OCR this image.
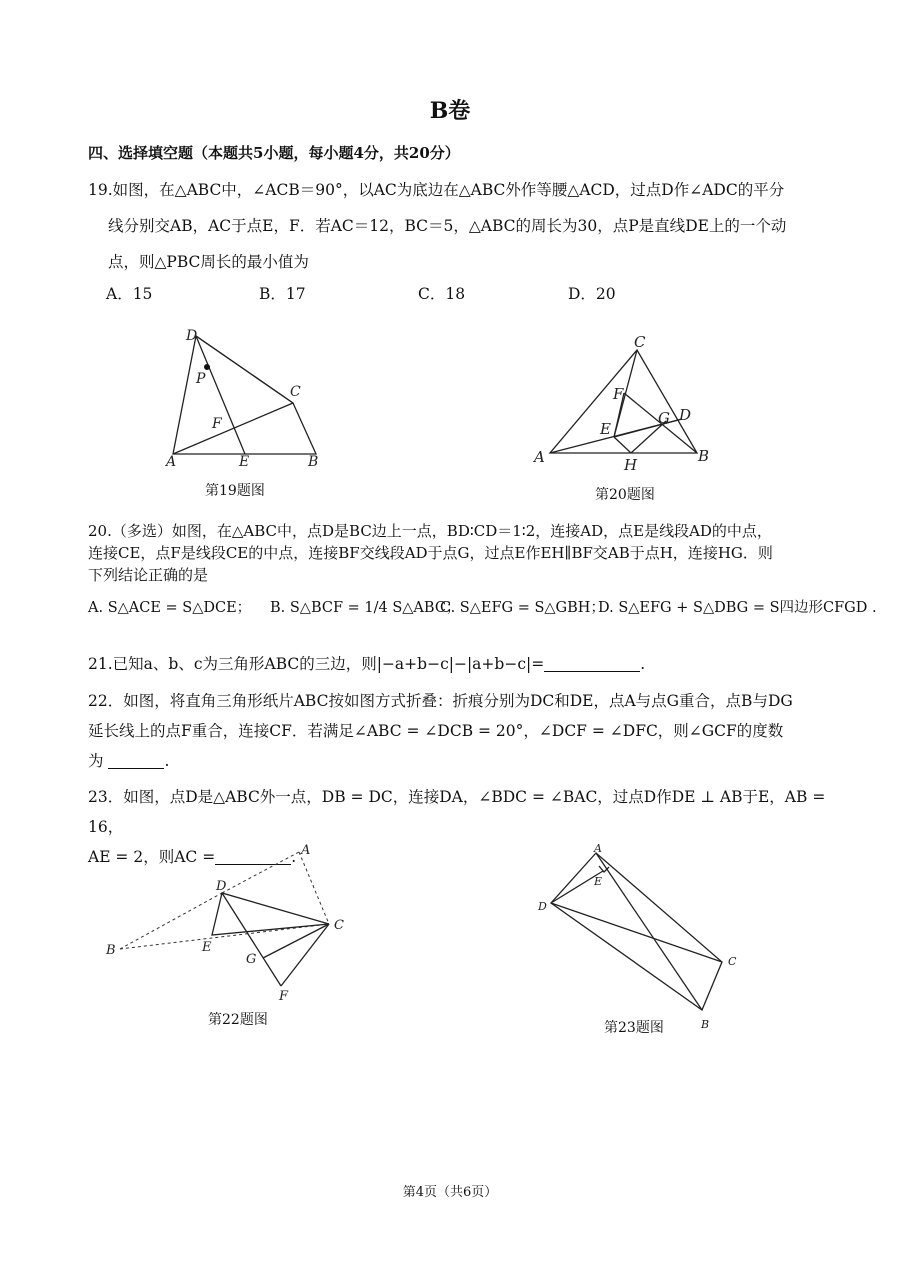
B卷
四、选择填空题（本题共5小题，每小题4分，共20分）
19.如图，在△ABC中，∠ACB＝90°，以AC为底边在△ABC外作等腰△ACD，过点D作∠ADC的平分
线分别交AB，AC于点E，F．若AC＝12，BC＝5，△ABC的周长为30，点P是直线DE上的一个动
点，则△PBC周长的最小值为
A．15	B．17	C．18	D．20
D
P
C
F
A	E	B
第19题图
C
F
G D
E
A	H	B
第20题图
20.（多选）如图，在△ABC中，点D是BC边上一点，BD∶CD＝1∶2，连接AD，点E是线段AD的中点，
连接CE，点F是线段CE的中点，连接BF交线段AD于点G，过点E作EH∥BF交AB于点H，连接HG．则
下列结论正确的是
A. S△ACE = S△DCE； B. S△BCF = 1/4 S△ABC；
C. S△EFG = S△GBH；
D. S△EFG + S△DBG = S四边形CFGD .
21.已知a、b、c为三角形ABC的三边，则|−a+b−c|−|a+b−c|=	.
22．如图，将直角三角形纸片ABC按如图方式折叠：折痕分别为DC和DE，点A与点G重合，点B与DG
延长线上的点F重合，连接CF．若满足∠ABC = ∠DCB = 20°，∠DCF = ∠DFC，则∠GCF的度数
为	.
23．如图，点D是△ABC外一点，DB = DC，连接DA，∠BDC = ∠BAC，过点D作DE ⊥ AB于E，AB = 16，
AE = 2，则AC =	. A
D
C
B	E
G
F
第22题图
A
E
D
C
B
第23题图
第4页（共6页）
